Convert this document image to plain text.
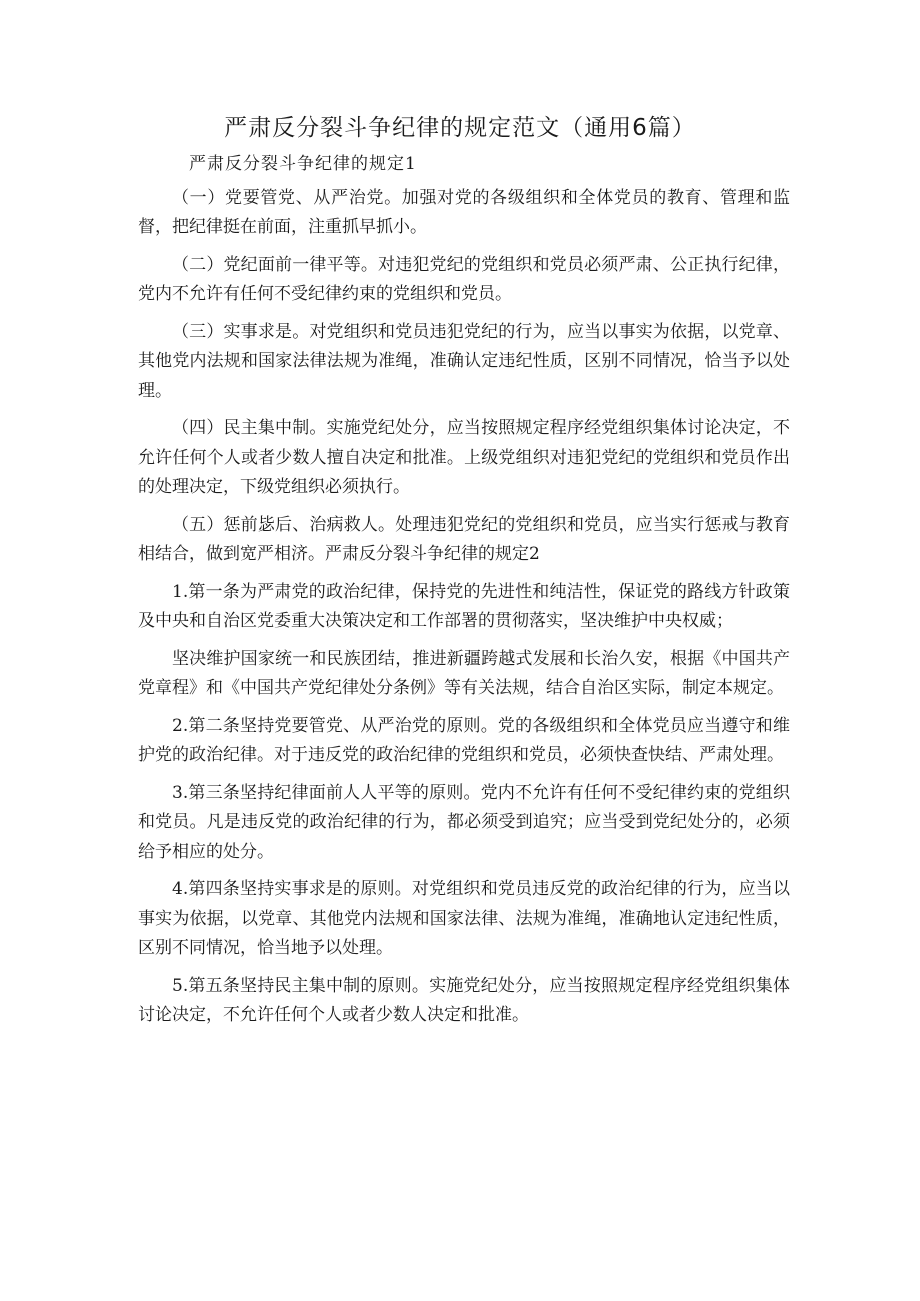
严肃反分裂斗争纪律的规定范文（通用6篇）

严肃反分裂斗争纪律的规定1

（一）党要管党、从严治党。加强对党的各级组织和全体党员的教育、管理和监督，把纪律挺在前面，注重抓早抓小。

（二）党纪面前一律平等。对违犯党纪的党组织和党员必须严肃、公正执行纪律，党内不允许有任何不受纪律约束的党组织和党员。

（三）实事求是。对党组织和党员违犯党纪的行为，应当以事实为依据，以党章、其他党内法规和国家法律法规为准绳，准确认定违纪性质，区别不同情况，恰当予以处理。

（四）民主集中制。实施党纪处分，应当按照规定程序经党组织集体讨论决定，不允许任何个人或者少数人擅自决定和批准。上级党组织对违犯党纪的党组织和党员作出的处理决定，下级党组织必须执行。

（五）惩前毖后、治病救人。处理违犯党纪的党组织和党员，应当实行惩戒与教育相结合，做到宽严相济。严肃反分裂斗争纪律的规定2

1.第一条为严肃党的政治纪律，保持党的先进性和纯洁性，保证党的路线方针政策及中央和自治区党委重大决策决定和工作部署的贯彻落实，坚决维护中央权威；

坚决维护国家统一和民族团结，推进新疆跨越式发展和长治久安，根据《中国共产党章程》和《中国共产党纪律处分条例》等有关法规，结合自治区实际，制定本规定。

2.第二条坚持党要管党、从严治党的原则。党的各级组织和全体党员应当遵守和维护党的政治纪律。对于违反党的政治纪律的党组织和党员，必须快查快结、严肃处理。

3.第三条坚持纪律面前人人平等的原则。党内不允许有任何不受纪律约束的党组织和党员。凡是违反党的政治纪律的行为，都必须受到追究；应当受到党纪处分的，必须给予相应的处分。

4.第四条坚持实事求是的原则。对党组织和党员违反党的政治纪律的行为，应当以事实为依据，以党章、其他党内法规和国家法律、法规为准绳，准确地认定违纪性质，区别不同情况，恰当地予以处理。

5.第五条坚持民主集中制的原则。实施党纪处分，应当按照规定程序经党组织集体讨论决定，不允许任何个人或者少数人决定和批准。
